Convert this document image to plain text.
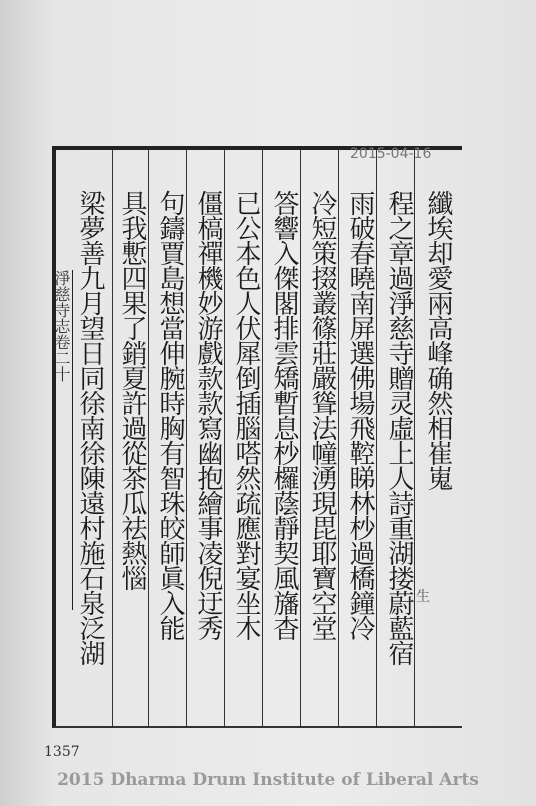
2015-04-16
纖埃却愛兩高峰确然相崔嵬
程之章過淨慈寺贈灵虛上人詩重湖搂蔚藍宿
雨破春曉南屏選佛場飛鞚睇林杪過橋鐘冷
冷短策掇叢篠莊嚴聳法幢湧現毘耶寶空堂
答響入傑閣排雲矯暫息杪欏蔭靜契風旛杳
已公本色人伏犀倒插腦嗒然疏應對宴坐木
僵槁禪機妙游戲款款寫幽抱繪事凌倪迂秀
句鑄賈島想當伸腕時胸有智珠皎師眞入能
具我慙四果了銷夏許過從茶瓜祛熱惱
梁夢善九月望日同徐南徐陳遠村施石泉泛湖
淨慈寺志卷二十
生
1357
2015 Dharma Drum Institute of Liberal Arts
